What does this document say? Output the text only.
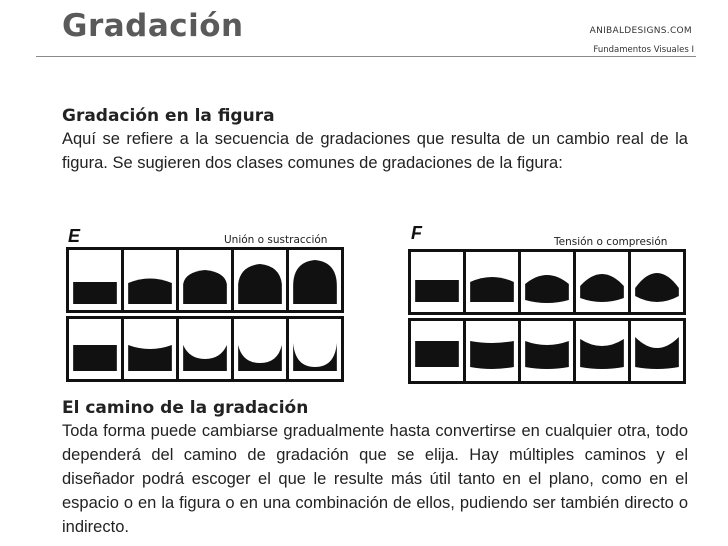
Gradación	ANIBALDESIGNS.COM
Fundamentos Visuales I
Gradación en la figura
Aquí se refiere a la secuencia de gradaciones que resulta de un cambio real de la figura. Se sugieren dos clases comunes de gradaciones de la figura:
E	Unión o sustracción	F	Tensión o compresión
El camino de la gradación
Toda forma puede cambiarse gradualmente hasta convertirse en cualquier otra, todo dependerá del camino de gradación que se elija. Hay múltiples caminos y el diseñador podrá escoger el que le resulte más útil tanto en el plano, como en el espacio o en la figura o en una combinación de ellos, pudiendo ser también directo o indirecto.
